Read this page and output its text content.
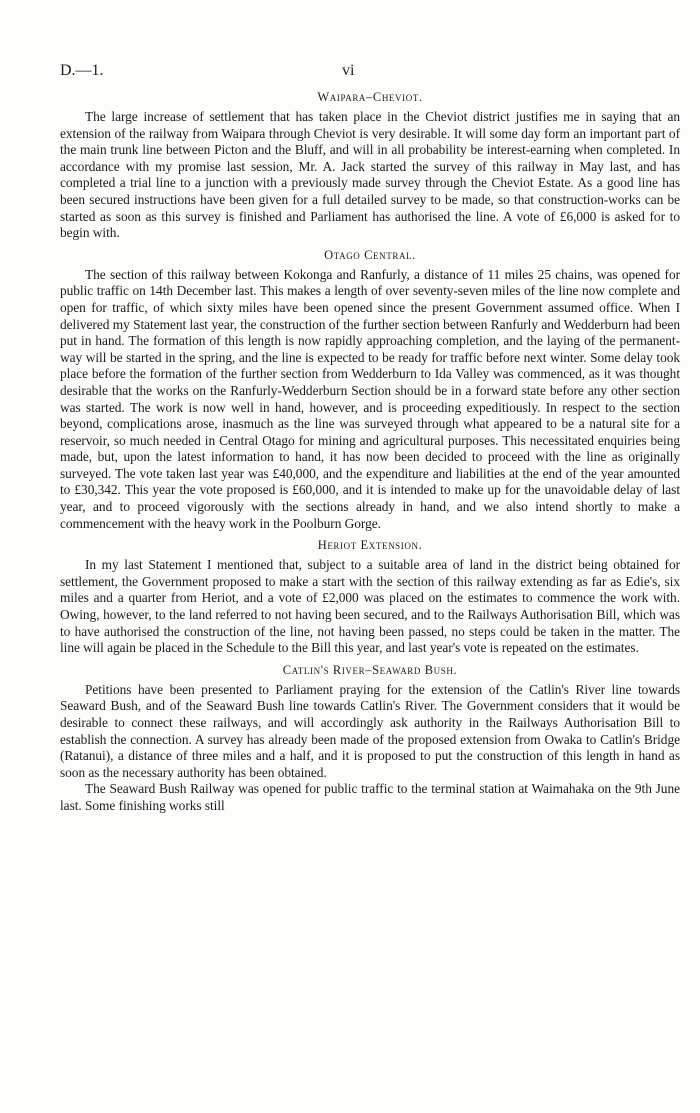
D.—1.	vi
Waipara–Cheviot.

The large increase of settlement that has taken place in the Cheviot district justifies me in saying that an extension of the railway from Waipara through Cheviot is very desirable. It will some day form an important part of the main trunk line between Picton and the Bluff, and will in all probability be interest-earning when completed. In accordance with my promise last session, Mr. A. Jack started the survey of this railway in May last, and has completed a trial line to a junction with a previously made survey through the Cheviot Estate. As a good line has been secured instructions have been given for a full detailed survey to be made, so that construction-works can be started as soon as this survey is finished and Parliament has authorised the line. A vote of £6,000 is asked for to begin with.

Otago Central.

The section of this railway between Kokonga and Ranfurly, a distance of 11 miles 25 chains, was opened for public traffic on 14th December last. This makes a length of over seventy-seven miles of the line now complete and open for traffic, of which sixty miles have been opened since the present Government assumed office. When I delivered my Statement last year, the construction of the further section between Ranfurly and Wedderburn had been put in hand. The formation of this length is now rapidly approaching completion, and the laying of the permanent-way will be started in the spring, and the line is expected to be ready for traffic before next winter. Some delay took place before the formation of the further section from Wedderburn to Ida Valley was commenced, as it was thought desirable that the works on the Ranfurly-Wedderburn Section should be in a forward state before any other section was started. The work is now well in hand, however, and is proceeding expeditiously. In respect to the section beyond, complications arose, inasmuch as the line was surveyed through what appeared to be a natural site for a reservoir, so much needed in Central Otago for mining and agricultural purposes. This necessitated enquiries being made, but, upon the latest information to hand, it has now been decided to proceed with the line as originally surveyed. The vote taken last year was £40,000, and the expenditure and liabilities at the end of the year amounted to £30,342. This year the vote proposed is £60,000, and it is intended to make up for the unavoidable delay of last year, and to proceed vigorously with the sections already in hand, and we also intend shortly to make a commencement with the heavy work in the Poolburn Gorge.

Heriot Extension.

In my last Statement I mentioned that, subject to a suitable area of land in the district being obtained for settlement, the Government proposed to make a start with the section of this railway extending as far as Edie's, six miles and a quarter from Heriot, and a vote of £2,000 was placed on the estimates to commence the work with. Owing, however, to the land referred to not having been secured, and to the Railways Authorisation Bill, which was to have authorised the construction of the line, not having been passed, no steps could be taken in the matter. The line will again be placed in the Schedule to the Bill this year, and last year's vote is repeated on the estimates.

Catlin's River–Seaward Bush.

Petitions have been presented to Parliament praying for the extension of the Catlin's River line towards Seaward Bush, and of the Seaward Bush line towards Catlin's River. The Government considers that it would be desirable to connect these railways, and will accordingly ask authority in the Railways Authorisation Bill to establish the connection. A survey has already been made of the proposed extension from Owaka to Catlin's Bridge (Ratanui), a distance of three miles and a half, and it is proposed to put the construction of this length in hand as soon as the necessary authority has been obtained.

The Seaward Bush Railway was opened for public traffic to the terminal station at Waimahaka on the 9th June last. Some finishing works still
